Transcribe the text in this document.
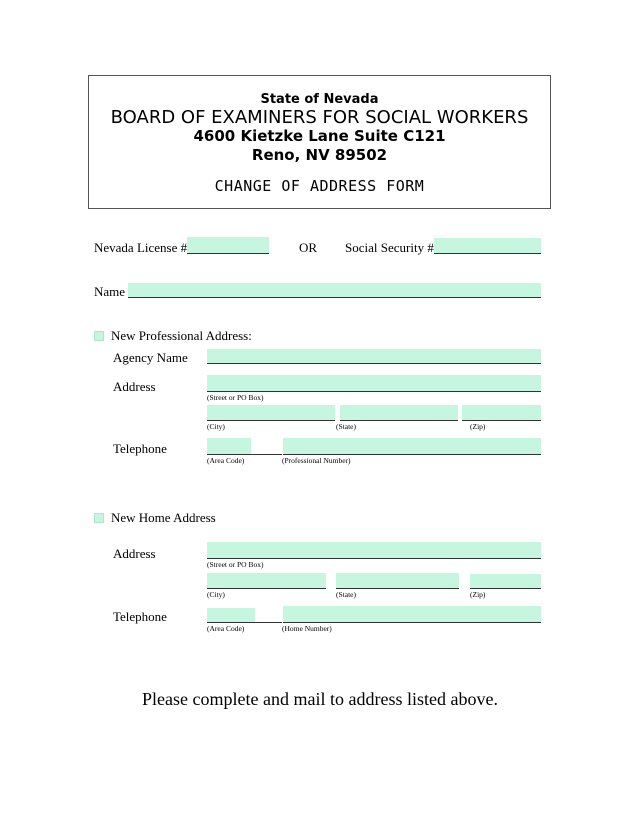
State of Nevada
BOARD OF EXAMINERS FOR SOCIAL WORKERS
4600 Kietzke Lane Suite C121
Reno, NV 89502
CHANGE OF ADDRESS FORM
Nevada License #	OR Social Security #
Name
New Professional Address:
Agency Name
Address
(Street or PO Box)
(City)	(State)	(Zip)
Telephone
(Area Code)	(Professional Number)
New Home Address
Address
(Street or PO Box)
(City)	(State)	(Zip)
Telephone
(Area Code)	(Home Number)
Please complete and mail to address listed above.
